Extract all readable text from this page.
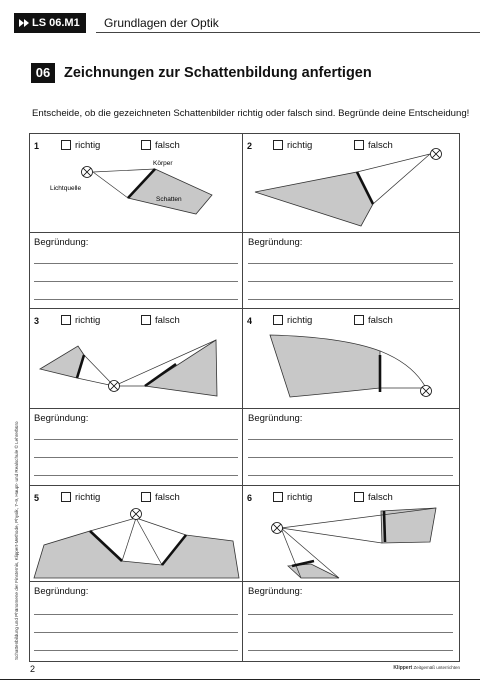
LS 06.M1 Grundlagen der Optik
06 Zeichnungen zur Schattenbildung anfertigen
Entscheide, ob die gezeichneten Schattenbilder richtig oder falsch sind. Begründe deine Entscheidung!
1	richtig	falsch
Lichtquelle
Körper
Schatten
Begründung:
2	richtig	falsch
Begründung:
3	richtig	falsch
Begründung:
4	richtig	falsch
Begründung:
5	richtig	falsch
Begründung:
6	richtig	falsch
Begründung:
Schattenbildung und Phänomene der Finsternis, Klippert-Methode, Physik, 7–9, Haupt- und Realschule © Lehrerbüro
2	Klippert Zeitgemäß unterrichten
